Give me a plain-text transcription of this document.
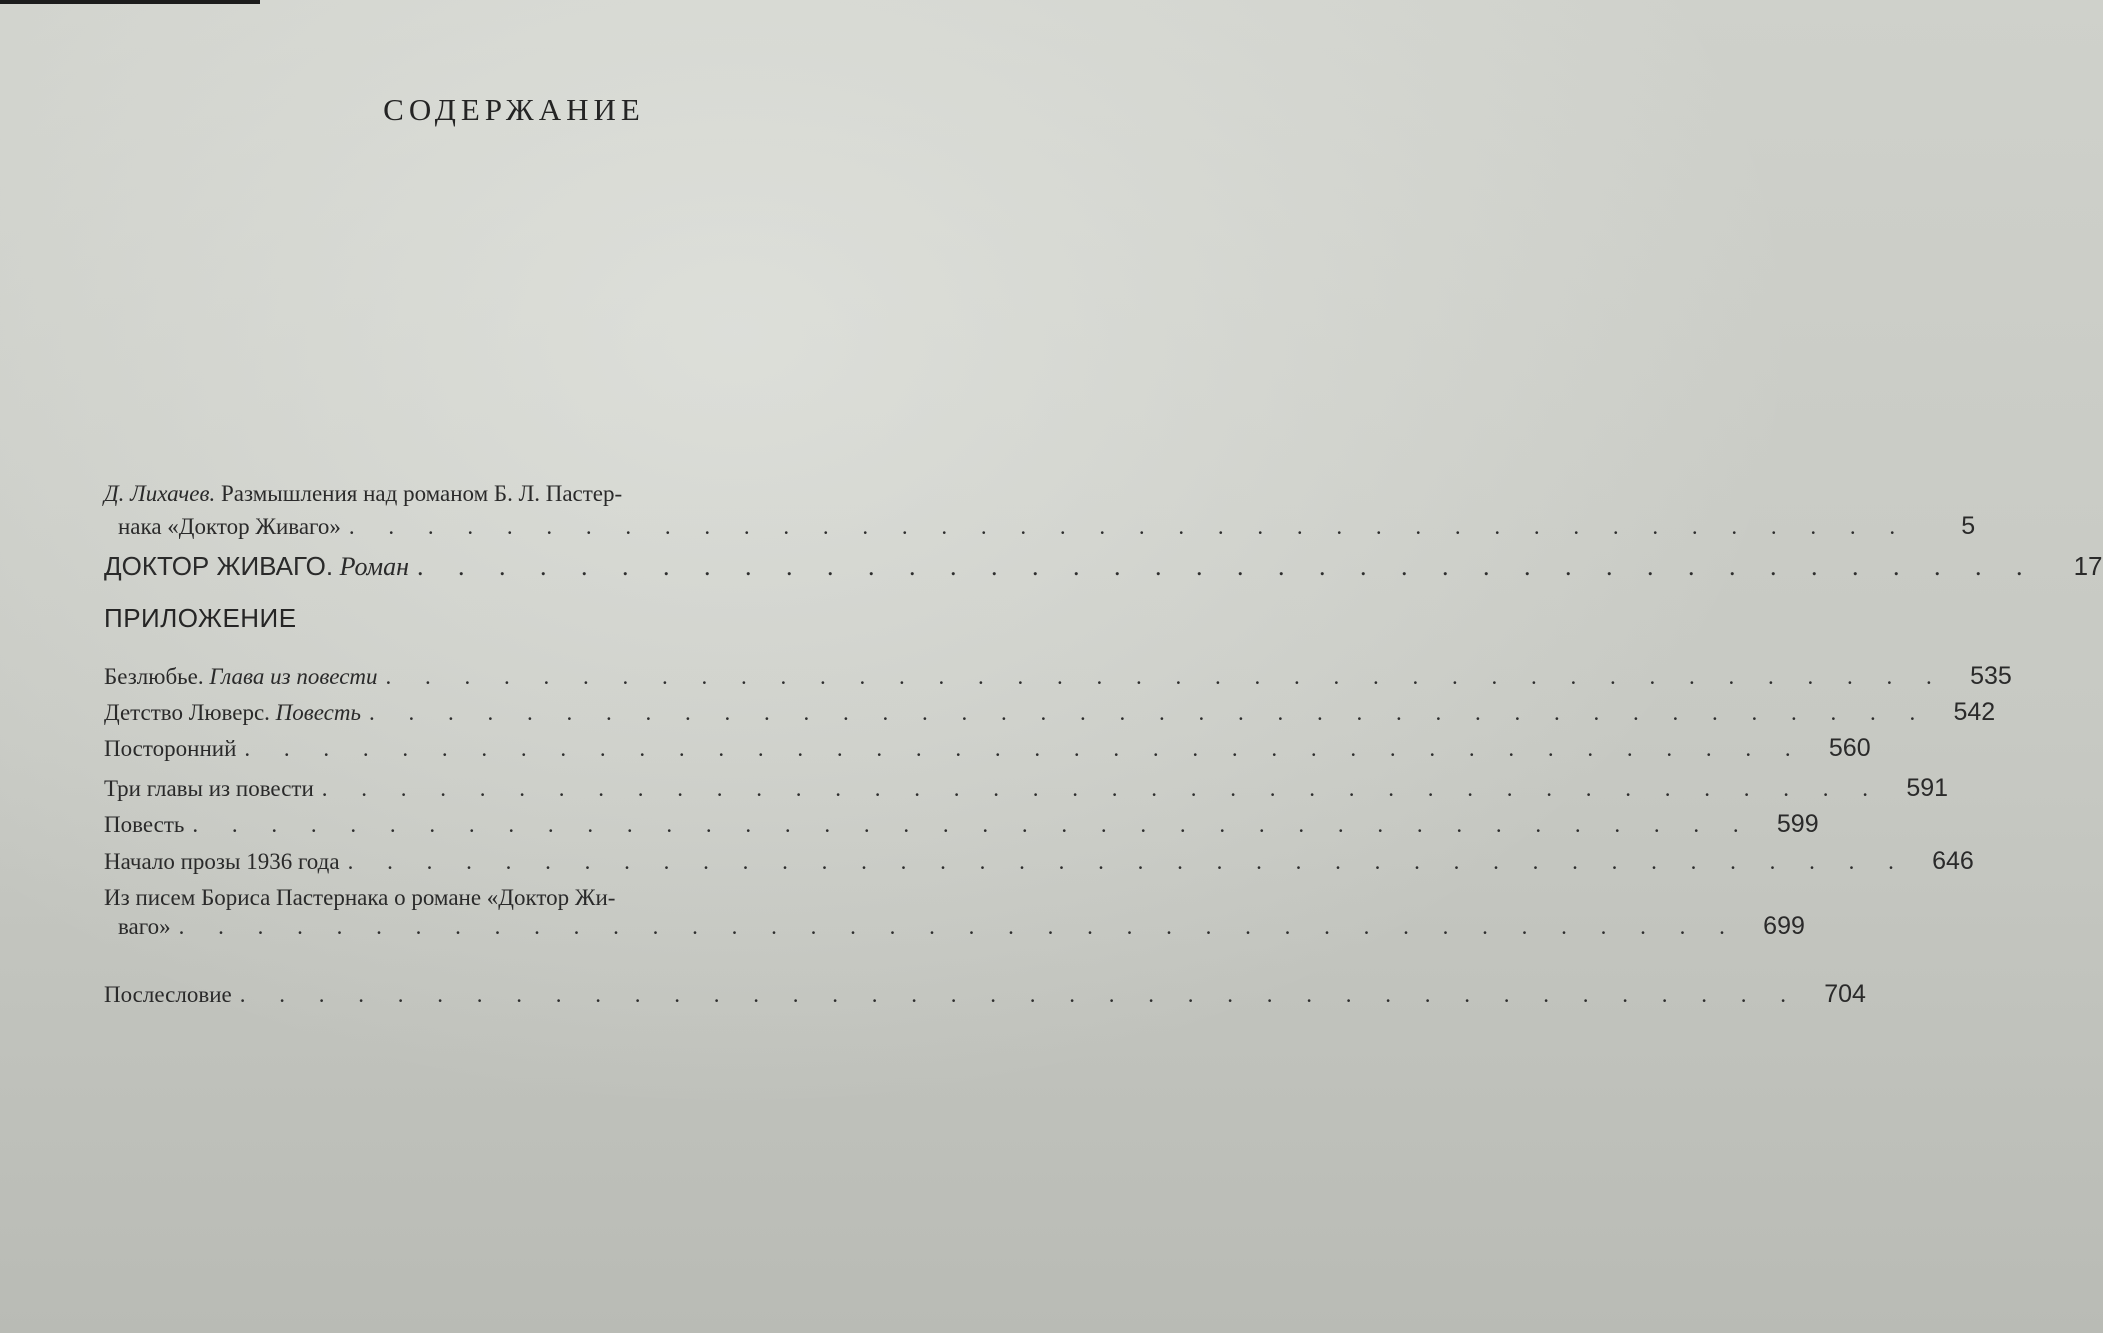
СОДЕРЖАНИЕ
Д. Лихачев. Размышления над романом Б. Л. Пастер-
нака «Доктор Живаго» . . . . . . . . . . . . . . . . . . . . . . . . . . . . . . . . . . . . . . . .	5
ДОКТОР ЖИВАГО. Роман . . . . . . . . . . . . . . . . . . . . . . . . . . . . . . . . . . . . . . . .	17
ПРИЛОЖЕНИЕ
Безлюбье. Глава из повести . . . . . . . . . . . . . . . . . . . . . . . . . . . . . . . . . . . . . . . . 535
Детство Люверс. Повесть . . . . . . . . . . . . . . . . . . . . . . . . . . . . . . . . . . . . . . . . 542
Посторонний . . . . . . . . . . . . . . . . . . . . . . . . . . . . . . . . . . . . . . . . 560
Три главы из повести . . . . . . . . . . . . . . . . . . . . . . . . . . . . . . . . . . . . . . . . 591
Повесть . . . . . . . . . . . . . . . . . . . . . . . . . . . . . . . . . . . . . . . . 599
Начало прозы 1936 года . . . . . . . . . . . . . . . . . . . . . . . . . . . . . . . . . . . . . . . . 646
Из писем Бориса Пастернака о романе «Доктор Жи-
ваго» . . . . . . . . . . . . . . . . . . . . . . . . . . . . . . . . . . . . . . . . 699
Послесловие . . . . . . . . . . . . . . . . . . . . . . . . . . . . . . . . . . . . . . . . 704
